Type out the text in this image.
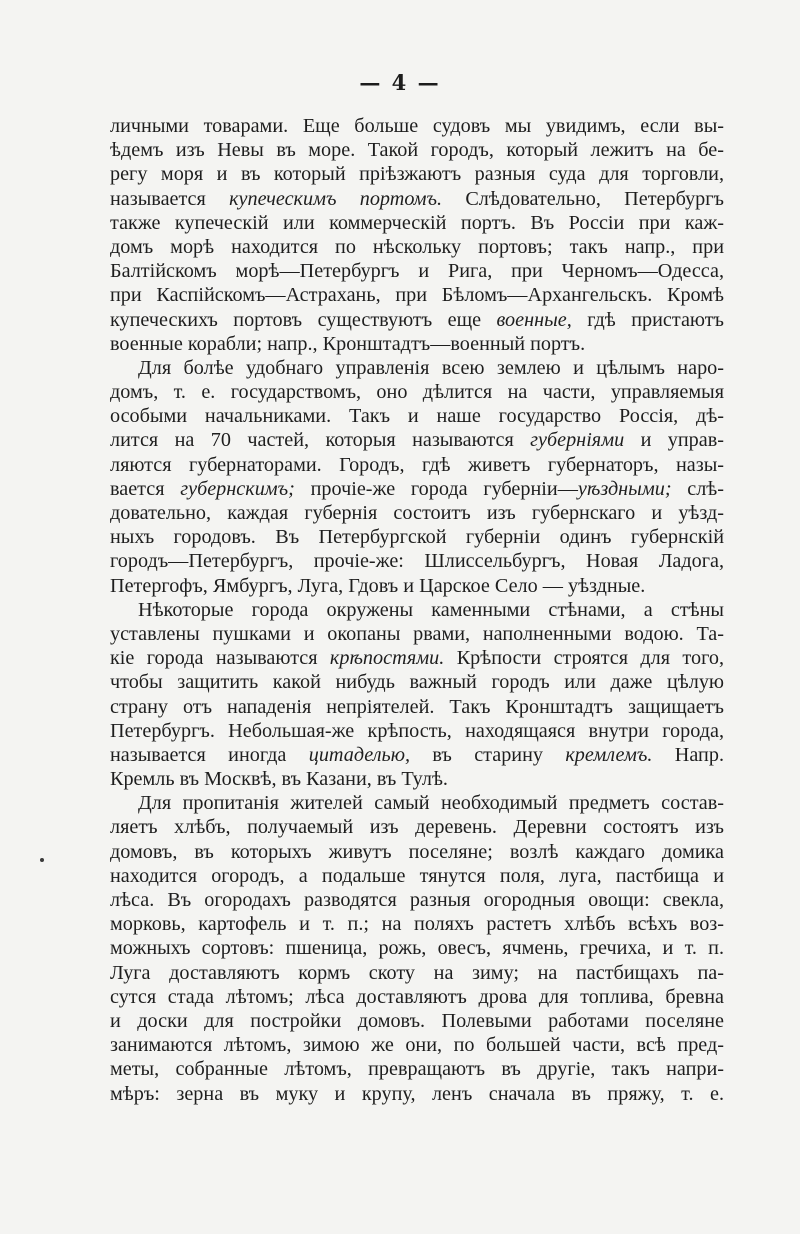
— 4 —
личными товарами. Еще больше судовъ мы увидимъ, если вы-
ѣдемъ изъ Невы въ море. Такой городъ, который лежитъ на бе-
регу моря и въ который пріѣзжаютъ разныя суда для торговли,
называется купеческимъ портомъ. Слѣдовательно, Петербургъ
также купеческій или коммерческій портъ. Въ Россіи при каж-
домъ морѣ находится по нѣскольку портовъ; такъ напр., при
Балтійскомъ морѣ—Петербургъ и Рига, при Черномъ—Одесса,
при Каспійскомъ—Астрахань, при Бѣломъ—Архангельскъ. Кромѣ
купеческихъ портовъ существуютъ еще военные, гдѣ пристаютъ
военные корабли; напр., Кронштадтъ—военный портъ.
Для болѣе удобнаго управленія всею землею и цѣлымъ наро-
домъ, т. е. государствомъ, оно дѣлится на части, управляемыя
особыми начальниками. Такъ и наше государство Россія, дѣ-
лится на 70 частей, которыя называются губерніями и управ-
ляются губернаторами. Городъ, гдѣ живетъ губернаторъ, назы-
вается губернскимъ; прочіе-же города губерніи—уѣздными; слѣ-
довательно, каждая губернія состоитъ изъ губернскаго и уѣзд-
ныхъ городовъ. Въ Петербургской губерніи одинъ губернскій
городъ—Петербургъ, прочіе-же: Шлиссельбургъ, Новая Ладога,
Петергофъ, Ямбургъ, Луга, Гдовъ и Царское Село — уѣздные.
Нѣкоторые города окружены каменными стѣнами, а стѣны
уставлены пушками и окопаны рвами, наполненными водою. Та-
кіе города называются крѣпостями. Крѣпости строятся для того,
чтобы защитить какой нибудь важный городъ или даже цѣлую
страну отъ нападенія непріятелей. Такъ Кронштадтъ защищаетъ
Петербургъ. Небольшая-же крѣпость, находящаяся внутри города,
называется иногда цитаделью, въ старину кремлемъ. Напр.
Кремль въ Москвѣ, въ Казани, въ Тулѣ.
Для пропитанія жителей самый необходимый предметъ состав-
ляетъ хлѣбъ, получаемый изъ деревень. Деревни состоятъ изъ
домовъ, въ которыхъ живутъ поселяне; возлѣ каждаго домика
находится огородъ, а подальше тянутся поля, луга, пастбища и
лѣса. Въ огородахъ разводятся разныя огородныя овощи: свекла,
морковь, картофель и т. п.; на поляхъ растетъ хлѣбъ всѣхъ воз-
можныхъ сортовъ: пшеница, рожь, овесъ, ячмень, гречиха, и т. п.
Луга доставляютъ кормъ скоту на зиму; на пастбищахъ па-
сутся стада лѣтомъ; лѣса доставляютъ дрова для топлива, бревна
и доски для постройки домовъ. Полевыми работами поселяне
занимаются лѣтомъ, зимою же они, по большей части, всѣ пред-
меты, собранные лѣтомъ, превращаютъ въ другіе, такъ напри-
мѣръ: зерна въ муку и крупу, ленъ сначала въ пряжу, т. е.
